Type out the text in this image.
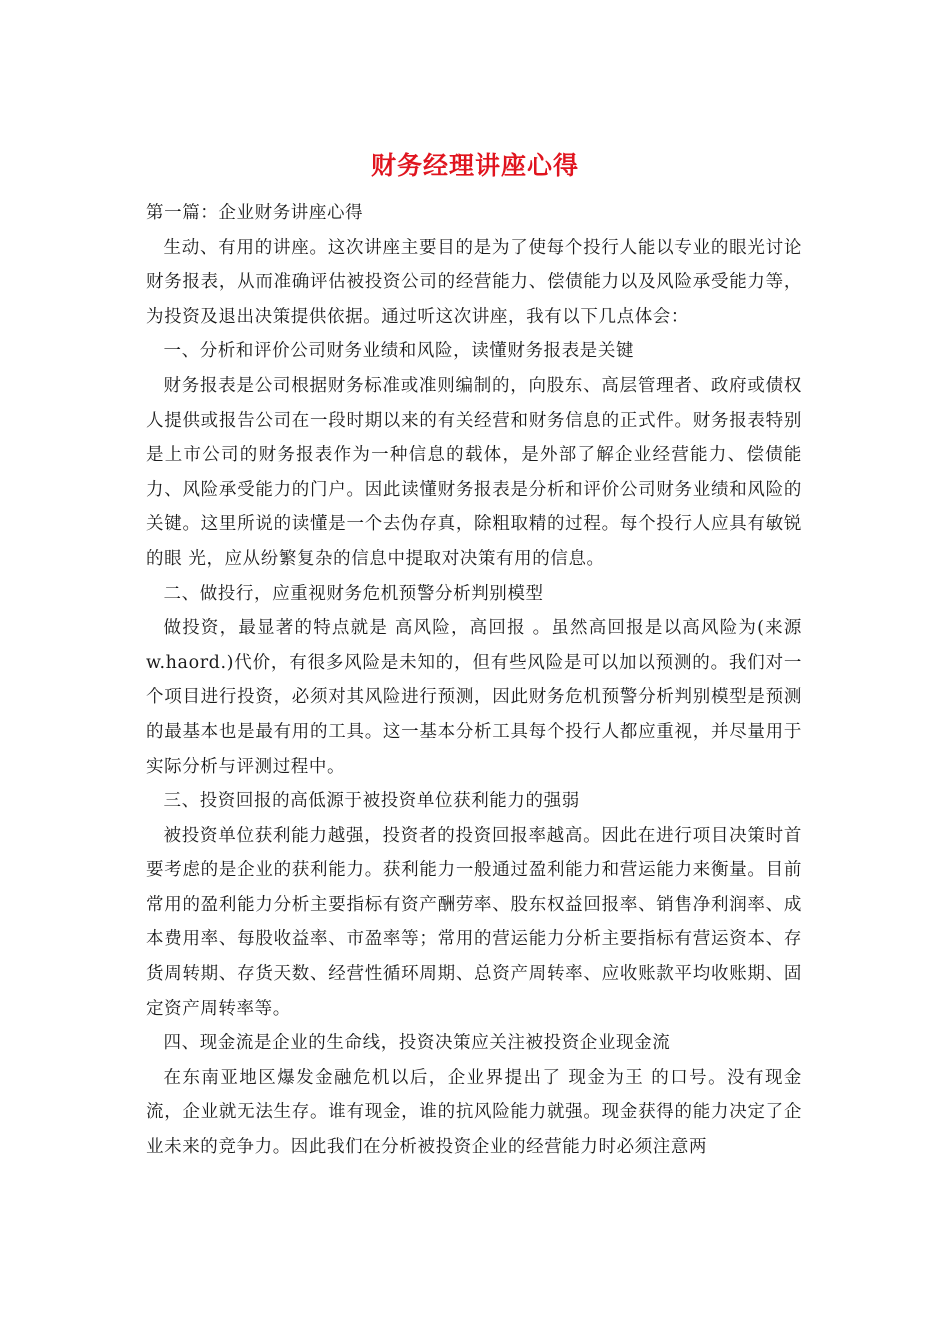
财务经理讲座心得

第一篇：企业财务讲座心得

生动、有用的讲座。这次讲座主要目的是为了使每个投行人能以专业的眼光讨论财务报表，从而准确评估被投资公司的经营能力、偿债能力以及风险承受能力等，为投资及退出决策提供依据。通过听这次讲座，我有以下几点体会：

一、分析和评价公司财务业绩和风险，读懂财务报表是关键

财务报表是公司根据财务标准或准则编制的，向股东、高层管理者、政府或债权人提供或报告公司在一段时期以来的有关经营和财务信息的正式件。财务报表特别是上市公司的财务报表作为一种信息的载体，是外部了解企业经营能力、偿债能力、风险承受能力的门户。因此读懂财务报表是分析和评价公司财务业绩和风险的关键。这里所说的读懂是一个去伪存真，除粗取精的过程。每个投行人应具有敏锐的眼 光，应从纷繁复杂的信息中提取对决策有用的信息。

二、做投行，应重视财务危机预警分析判别模型

做投资，最显著的特点就是 高风险，高回报 。虽然高回报是以高风险为(来源 w.haord.)代价，有很多风险是未知的，但有些风险是可以加以预测的。我们对一个项目进行投资，必须对其风险进行预测，因此财务危机预警分析判别模型是预测的最基本也是最有用的工具。这一基本分析工具每个投行人都应重视，并尽量用于实际分析与评测过程中。

三、投资回报的高低源于被投资单位获利能力的强弱

被投资单位获利能力越强，投资者的投资回报率越高。因此在进行项目决策时首要考虑的是企业的获利能力。获利能力一般通过盈利能力和营运能力来衡量。目前常用的盈利能力分析主要指标有资产酬劳率、股东权益回报率、销售净利润率、成本费用率、每股收益率、市盈率等；常用的营运能力分析主要指标有营运资本、存货周转期、存货天数、经营性循环周期、总资产周转率、应收账款平均收账期、固定资产周转率等。

四、现金流是企业的生命线，投资决策应关注被投资企业现金流

在东南亚地区爆发金融危机以后，企业界提出了 现金为王 的口号。没有现金流，企业就无法生存。谁有现金，谁的抗风险能力就强。现金获得的能力决定了企业未来的竞争力。因此我们在分析被投资企业的经营能力时必须注意两
